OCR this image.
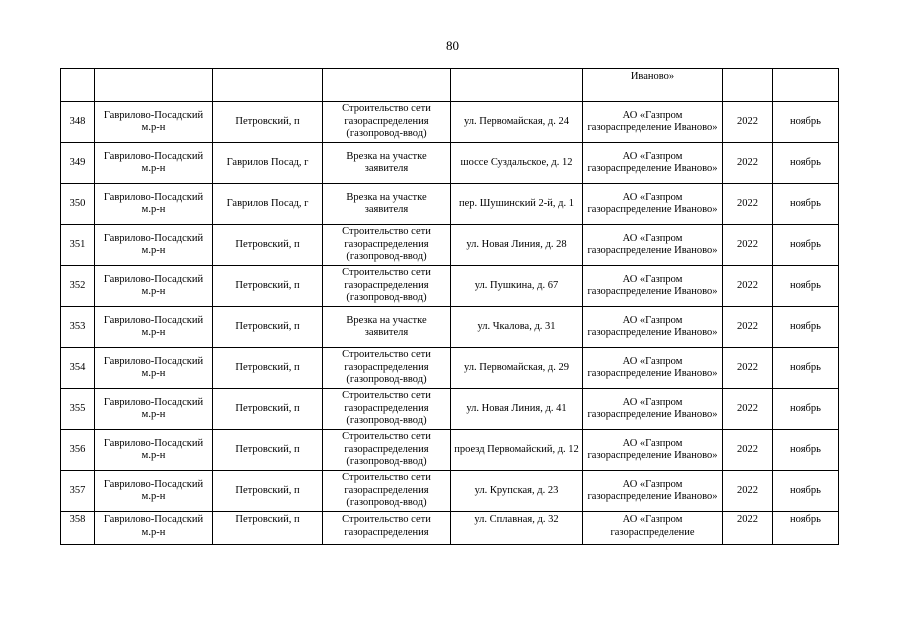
80
					Иваново»		
348	Гаврилово-Посадский м.р-н	Петровский, п	Строительство сети газораспределения (газопровод-ввод)	ул. Первомайская, д. 24	АО «Газпром газораспределение Иваново»	2022	ноябрь
349	Гаврилово-Посадский м.р-н	Гаврилов Посад, г	Врезка на участке заявителя	шоссе Суздальское, д. 12	АО «Газпром газораспределение Иваново»	2022	ноябрь
350	Гаврилово-Посадский м.р-н	Гаврилов Посад, г	Врезка на участке заявителя	пер. Шушинский 2-й, д. 1	АО «Газпром газораспределение Иваново»	2022	ноябрь
351	Гаврилово-Посадский м.р-н	Петровский, п	Строительство сети газораспределения (газопровод-ввод)	ул. Новая Линия, д. 28	АО «Газпром газораспределение Иваново»	2022	ноябрь
352	Гаврилово-Посадский м.р-н	Петровский, п	Строительство сети газораспределения (газопровод-ввод)	ул. Пушкина, д. 67	АО «Газпром газораспределение Иваново»	2022	ноябрь
353	Гаврилово-Посадский м.р-н	Петровский, п	Врезка на участке заявителя	ул. Чкалова, д. 31	АО «Газпром газораспределение Иваново»	2022	ноябрь
354	Гаврилово-Посадский м.р-н	Петровский, п	Строительство сети газораспределения (газопровод-ввод)	ул. Первомайская, д. 29	АО «Газпром газораспределение Иваново»	2022	ноябрь
355	Гаврилово-Посадский м.р-н	Петровский, п	Строительство сети газораспределения (газопровод-ввод)	ул. Новая Линия, д. 41	АО «Газпром газораспределение Иваново»	2022	ноябрь
356	Гаврилово-Посадский м.р-н	Петровский, п	Строительство сети газораспределения (газопровод-ввод)	проезд Первомайский, д. 12	АО «Газпром газораспределение Иваново»	2022	ноябрь
357	Гаврилово-Посадский м.р-н	Петровский, п	Строительство сети газораспределения (газопровод-ввод)	ул. Крупская, д. 23	АО «Газпром газораспределение Иваново»	2022	ноябрь
358	Гаврилово-Посадский м.р-н	Петровский, п	Строительство сети газораспределения	ул. Сплавная, д. 32	АО «Газпром газораспределение	2022	ноябрь
